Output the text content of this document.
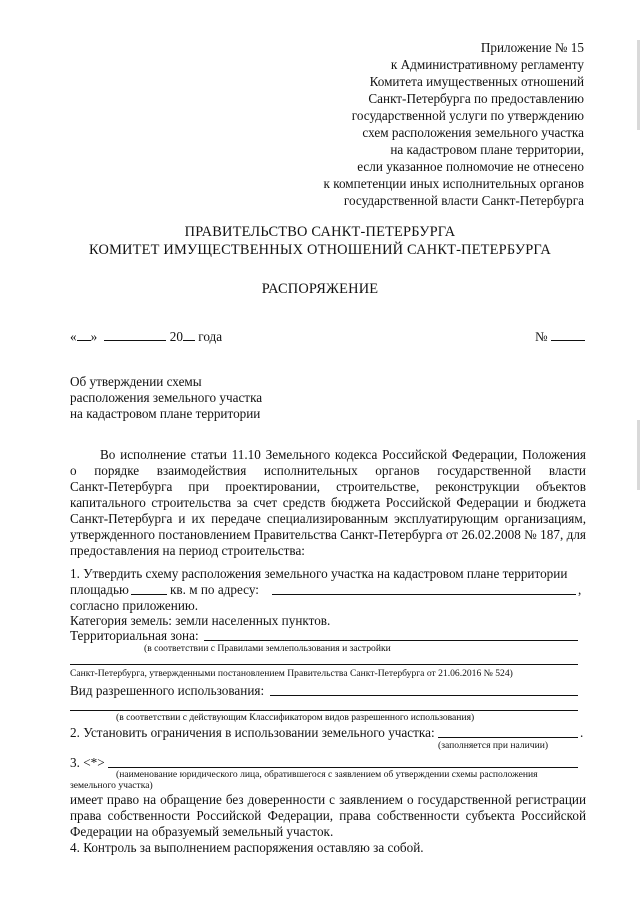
Приложение № 15
к Административному регламенту
Комитета имущественных отношений
Санкт-Петербурга по предоставлению
государственной услуги по утверждению
схем расположения земельного участка
на кадастровом плане территории,
если указанное полномочие не отнесено
к компетенции иных исполнительных органов
государственной власти Санкт-Петербурга
ПРАВИТЕЛЬСТВО САНКТ-ПЕТЕРБУРГА
КОМИТЕТ ИМУЩЕСТВЕННЫХ ОТНОШЕНИЙ САНКТ-ПЕТЕРБУРГА
РАСПОРЯЖЕНИЕ
« »	20 года	№
Об утверждении схемы
расположения земельного участка
на кадастровом плане территории
Во исполнение статьи 11.10 Земельного кодекса Российской Федерации, Положения
о порядке взаимодействия исполнительных органов государственной власти
Санкт-Петербурга при проектировании, строительстве, реконструкции объектов
капитального строительства за счет средств бюджета Российской Федерации и бюджета
Санкт-Петербурга и их передаче специализированным эксплуатирующим организациям,
утвержденного постановлением Правительства Санкт-Петербурга от 26.02.2008 № 187, для
предоставления на период строительства:
1. Утвердить схему расположения земельного участка на кадастровом плане территории
площадью	кв. м по адресу:	,
согласно приложению.
Категория земель: земли населенных пунктов.
Территориальная зона:
(в соответствии с Правилами землепользования и застройки
Санкт-Петербурга, утвержденными постановлением Правительства Санкт-Петербурга от 21.06.2016 № 524)
Вид разрешенного использования:
(в соответствии с действующим Классификатором видов разрешенного использования)
2. Установить ограничения в использовании земельного участка:	.
(заполняется при наличии)
3. <*>
(наименование юридического лица, обратившегося с заявлением об утверждении схемы расположения
земельного участка)
имеет право на обращение без доверенности с заявлением о государственной регистрации
права собственности Российской Федерации, права собственности субъекта Российской
Федерации на образуемый земельный участок.
4. Контроль за выполнением распоряжения оставляю за собой.
